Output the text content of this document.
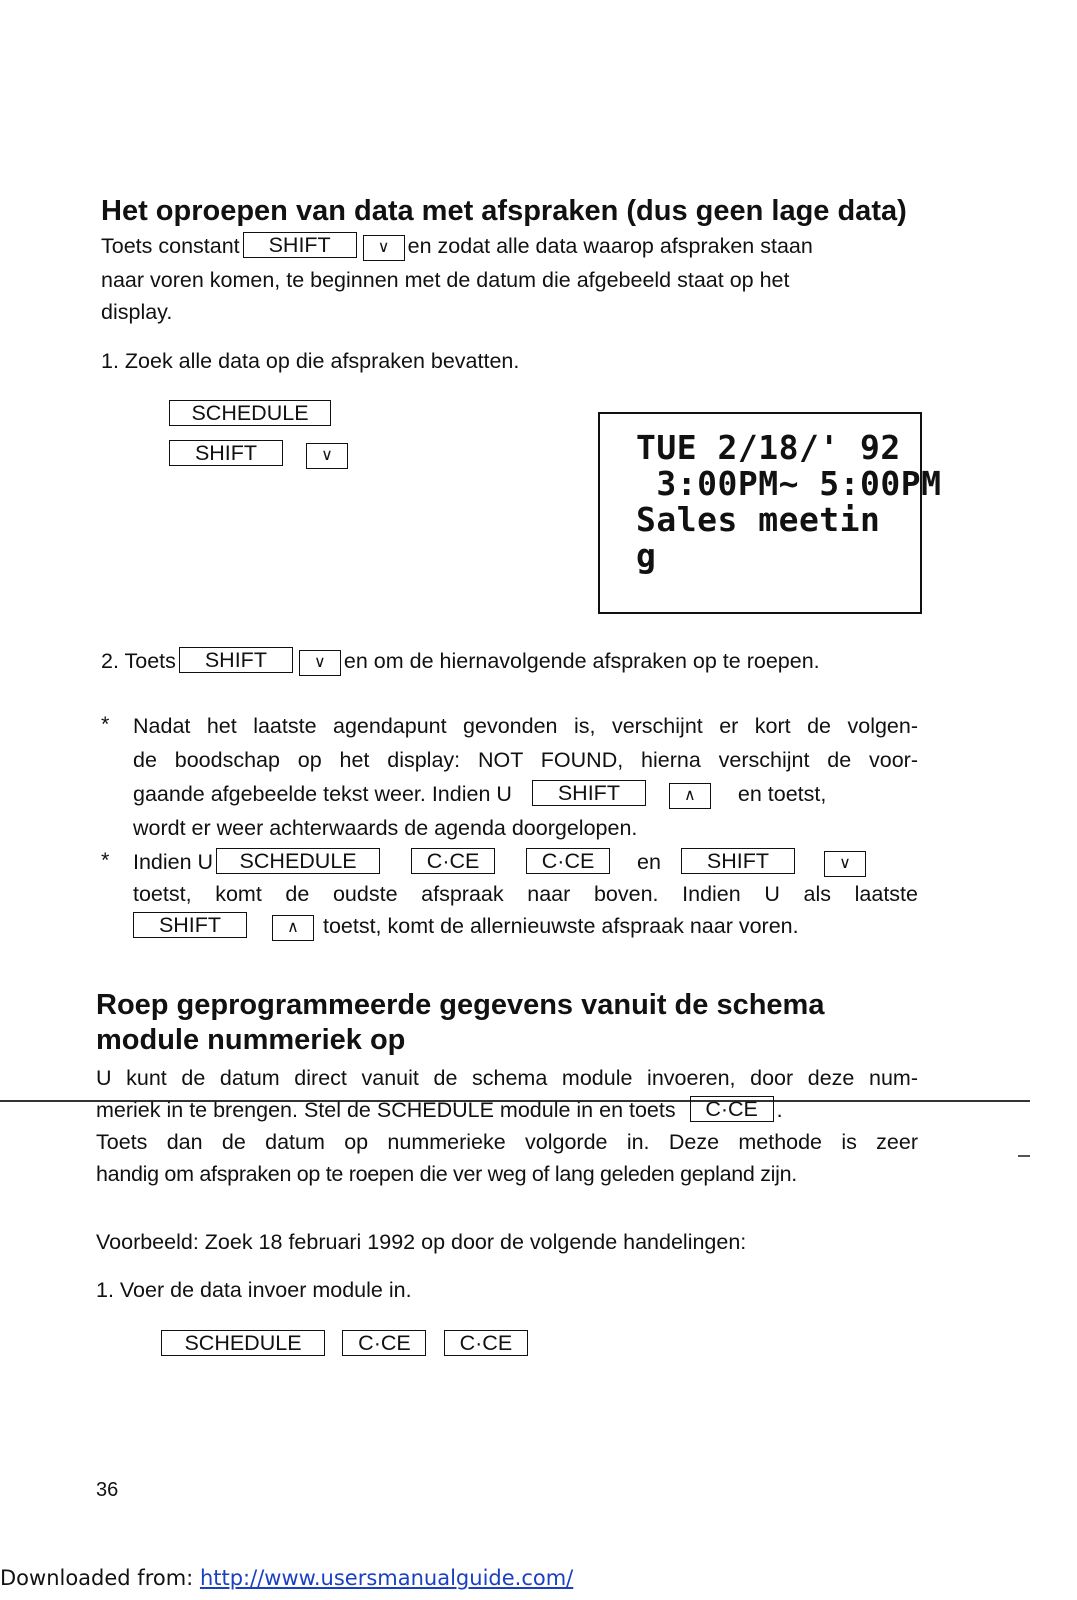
Het oproepen van data met afspraken (dus geen lage data)
Toets constant SHIFT	∨ en zodat alle data waarop afspraken staan
naar voren komen, te beginnen met de datum die afgebeeld staat op het
display.
1. Zoek alle data op die afspraken bevatten.
SCHEDULE
SHIFT	∨	TUE 2/18/' 92
3:00PM~ 5:00PM
Sales meetin
g
2. Toets SHIFT	∨ en om de hiernavolgende afspraken op te roepen.
* Nadat het laatste agendapunt gevonden is, verschijnt er kort de volgen-
de boodschap op het display: NOT FOUND, hierna verschijnt de voor-
gaande afgebeelde tekst weer. Indien U SHIFT	∧ en toetst,
wordt er weer achterwaards de agenda doorgelopen.
* Indien U SCHEDULE	C·CE	C·CE en SHIFT	∨
toetst, komt de oudste afspraak naar boven. Indien U als laatste
SHIFT	∧ toetst, komt de allernieuwste afspraak naar voren.
Roep geprogrammeerde gegevens vanuit de schema
module nummeriek op
U kunt de datum direct vanuit de schema module invoeren, door deze num-
meriek in te brengen. Stel de SCHEDULE module in en toets C·CE .
Toets dan de datum op nummerieke volgorde in. Deze methode is zeer
handig om afspraken op te roepen die ver weg of lang geleden gepland zijn.
Voorbeeld: Zoek 18 februari 1992 op door de volgende handelingen:
1. Voer de data invoer module in.
SCHEDULE	C·CE C·CE
36
Downloaded from: http://www.usersmanualguide.com/
